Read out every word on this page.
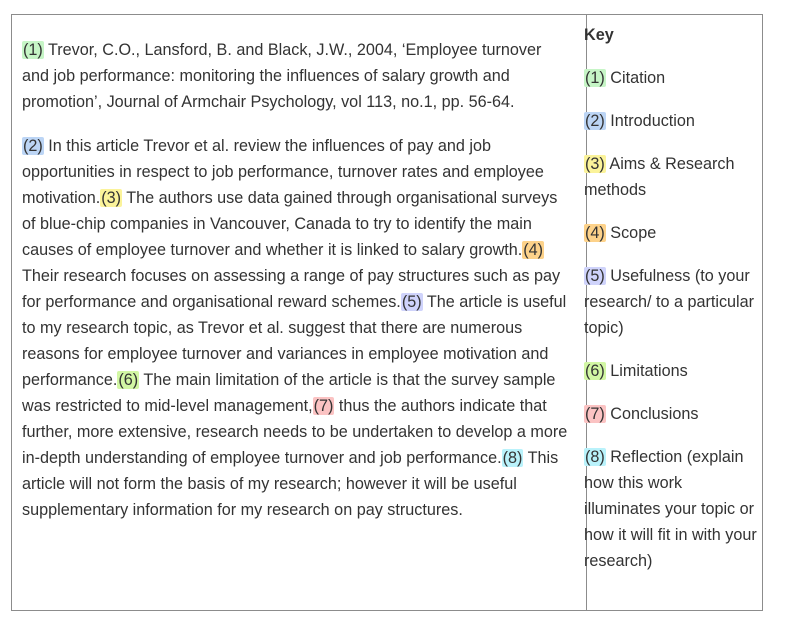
(1) Trevor, C.O., Lansford, B. and Black, J.W., 2004, ‘Employee turnover and job performance: monitoring the influences of salary growth and promotion’, Journal of Armchair Psychology, vol 113, no.1, pp. 56-64.

(2) In this article Trevor et al. review the influences of pay and job opportunities in respect to job performance, turnover rates and employee motivation.(3) The authors use data gained through organisational surveys of blue-chip companies in Vancouver, Canada to try to identify the main causes of employee turnover and whether it is linked to salary growth.(4) Their research focuses on assessing a range of pay structures such as pay for performance and organisational reward schemes.(5) The article is useful to my research topic, as Trevor et al. suggest that there are numerous reasons for employee turnover and variances in employee motivation and performance.(6) The main limitation of the article is that the survey sample was restricted to mid-level management,(7) thus the authors indicate that further, more extensive, research needs to be undertaken to develop a more in-depth understanding of employee turnover and job performance.(8) This article will not form the basis of my research; however it will be useful supplementary information for my research on pay structures.

Key
(1) Citation
(2) Introduction
(3) Aims & Research methods
(4) Scope
(5) Usefulness (to your research/ to a particular topic)
(6) Limitations
(7) Conclusions
(8) Reflection (explain how this work illuminates your topic or how it will fit in with your research)
